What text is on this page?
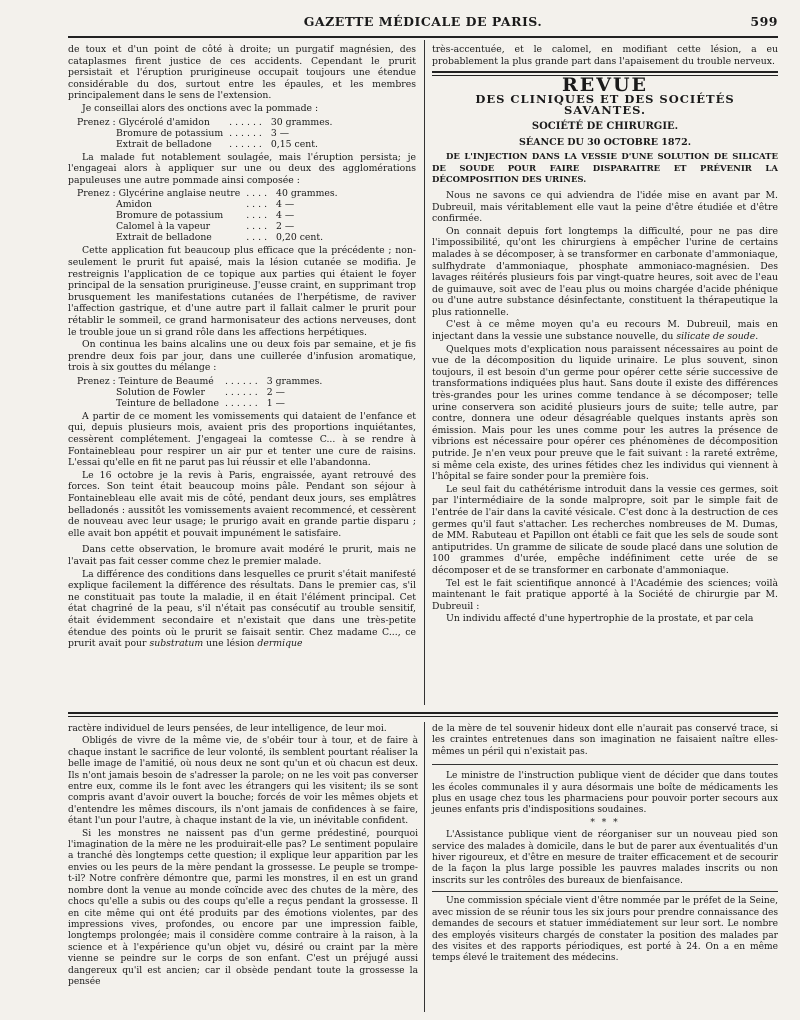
GAZETTE MÉDICALE DE PARIS.	599

de toux et d'un point de côté à droite; un purgatif magnésien, des cataplasmes firent justice de ces accidents. Cependant le prurit persistait et l'éruption prurigineuse occupait toujours une étendue considérable du dos, surtout entre les épaules, et les membres principalement dans le sens de l'extension.

Je conseillai alors des onctions avec la pommade :

Prenez : Glycérolé d'amidon	......	30 grammes.
Bromure de potassium	......	3 —
Extrait de belladone	......	0,15 cent.

La malade fut notablement soulagée, mais l'éruption persista; je l'engageai alors à appliquer sur une ou deux des agglomérations papuleuses une autre pommade ainsi composée :

Prenez : Glycérine anglaise neutre	....	40 grammes.
Amidon	....	4 —
Bromure de potassium	....	4 —
Calomel à la vapeur	....	2 —
Extrait de belladone	....	0,20 cent.

Cette application fut beaucoup plus efficace que la précédente ; non-seulement le prurit fut apaisé, mais la lésion cutanée se modifia. Je restreignis l'application de ce topique aux parties qui étaient le foyer principal de la sensation prurigineuse. J'eusse craint, en supprimant trop brusquement les manifestations cutanées de l'herpétisme, de raviver l'affection gastrique, et d'une autre part il fallait calmer le prurit pour rétablir le sommeil, ce grand harmonisateur des actions nerveuses, dont le trouble joue un si grand rôle dans les affections herpétiques.

On continua les bains alcalins une ou deux fois par semaine, et je fis prendre deux fois par jour, dans une cuillerée d'infusion aromatique, trois à six gouttes du mélange :

Prenez : Teinture de Beaumé	......	3 grammes.
Solution de Fowler	......	2 —
Teinture de belladone	......	1 —

A partir de ce moment les vomissements qui dataient de l'enfance et qui, depuis plusieurs mois, avaient pris des proportions inquiétantes, cessèrent complétement. J'engageai la comtesse C... à se rendre à Fontainebleau pour respirer un air pur et tenter une cure de raisins. L'essai qu'elle en fit ne parut pas lui réussir et elle l'abandonna.

Le 16 octobre je la revis à Paris, engraissée, ayant retrouvé des forces. Son teint était beaucoup moins pâle. Pendant son séjour à Fontainebleau elle avait mis de côté, pendant deux jours, ses emplâtres belladonés : aussitôt les vomissements avaient recommencé, et cessèrent de nouveau avec leur usage; le prurigo avait en grande partie disparu ; elle avait bon appétit et pouvait impunément le satisfaire.

Dans cette observation, le bromure avait modéré le prurit, mais ne l'avait pas fait cesser comme chez le premier malade.

La différence des conditions dans lesquelles ce prurit s'était manifesté explique facilement la différence des résultats. Dans le premier cas, s'il ne constituait pas toute la maladie, il en était l'élément principal. Cet état chagriné de la peau, s'il n'était pas consécutif au trouble sensitif, était évidemment secondaire et n'existait que dans une très-petite étendue des points où le prurit se faisait sentir. Chez madame C..., ce prurit avait pour substratum une lésion dermique

très-accentuée, et le calomel, en modifiant cette lésion, a eu probablement la plus grande part dans l'apaisement du trouble nerveux.

REVUE
DES CLINIQUES ET DES SOCIÉTÉS SAVANTES.
SOCIÉTÉ DE CHIRURGIE.
SÉANCE DU 30 OCTOBRE 1872.
DE L'INJECTION DANS LA VESSIE D'UNE SOLUTION DE SILICATE DE SOUDE POUR FAIRE DISPARAITRE ET PRÉVENIR LA DÉCOMPOSITION DES URINES.

Nous ne savons ce qui adviendra de l'idée mise en avant par M. Dubreuil, mais véritablement elle vaut la peine d'être étudiée et d'être confirmée.

On connait depuis fort longtemps la difficulté, pour ne pas dire l'impossibilité, qu'ont les chirurgiens à empêcher l'urine de certains malades à se décomposer, à se transformer en carbonate d'ammoniaque, sulfhydrate d'ammoniaque, phosphate ammoniaco-magnésien. Des lavages réitérés plusieurs fois par vingt-quatre heures, soit avec de l'eau de guimauve, soit avec de l'eau plus ou moins chargée d'acide phénique ou d'une autre substance désinfectante, constituent la thérapeutique la plus rationnelle.

C'est à ce même moyen qu'a eu recours M. Dubreuil, mais en injectant dans la vessie une substance nouvelle, du silicate de soude.

Quelques mots d'explication nous paraissent nécessaires au point de vue de la décomposition du liquide urinaire. Le plus souvent, sinon toujours, il est besoin d'un germe pour opérer cette série successive de transformations indiquées plus haut. Sans doute il existe des différences très-grandes pour les urines comme tendance à se décomposer; telle urine conservera son acidité plusieurs jours de suite; telle autre, par contre, donnera une odeur désagréable quelques instants après son émission. Mais pour les unes comme pour les autres la présence de vibrions est nécessaire pour opérer ces phénomènes de décomposition putride. Je n'en veux pour preuve que le fait suivant : la rareté extrême, si même cela existe, des urines fétides chez les individus qui viennent à l'hôpital se faire sonder pour la première fois.

Le seul fait du cathétérisme introduit dans la vessie ces germes, soit par l'intermédiaire de la sonde malpropre, soit par le simple fait de l'entrée de l'air dans la cavité vésicale. C'est donc à la destruction de ces germes qu'il faut s'attacher. Les recherches nombreuses de M. Dumas, de MM. Rabuteau et Papillon ont établi ce fait que les sels de soude sont antiputrides. Un gramme de silicate de soude placé dans une solution de 100 grammes d'urée, empêche indéfiniment cette urée de se décomposer et de se transformer en carbonate d'ammoniaque.

Tel est le fait scientifique annoncé à l'Académie des sciences; voilà maintenant le fait pratique apporté à la Société de chirurgie par M. Dubreuil :

Un individu affecté d'une hypertrophie de la prostate, et par cela

ractère individuel de leurs pensées, de leur intelligence, de leur moi.

Obligés de vivre de la même vie, de s'obéir tour à tour, et de faire à chaque instant le sacrifice de leur volonté, ils semblent pourtant réaliser la belle image de l'amitié, où nous deux ne sont qu'un et où chacun est deux. Ils n'ont jamais besoin de s'adresser la parole; on ne les voit pas converser entre eux, comme ils le font avec les étrangers qui les visitent; ils se sont compris avant d'avoir ouvert la bouche; forcés de voir les mêmes objets et d'entendre les mêmes discours, ils n'ont jamais de confidences à se faire, étant l'un pour l'autre, à chaque instant de la vie, un inévitable confident.

Si les monstres ne naissent pas d'un germe prédestiné, pourquoi l'imagination de la mère ne les produirait-elle pas? Le sentiment populaire a tranché dès longtemps cette question; il explique leur apparition par les envies ou les peurs de la mère pendant la grossesse. Le peuple se trompe-t-il? Notre confrère démontre que, parmi les monstres, il en est un grand nombre dont la venue au monde coïncide avec des chutes de la mère, des chocs qu'elle a subis ou des coups qu'elle a reçus pendant la grossesse. Il en cite même qui ont été produits par des émotions violentes, par des impressions vives, profondes, ou encore par une impression faible, longtemps prolongée; mais il considère comme contraire à la raison, à la science et à l'expérience qu'un objet vu, désiré ou craint par la mère vienne se peindre sur le corps de son enfant. C'est un préjugé aussi dangereux qu'il est ancien; car il obsède pendant toute la grossesse la pensée

de la mère de tel souvenir hideux dont elle n'aurait pas conservé trace, si les craintes entretenues dans son imagination ne faisaient naître elles-mêmes un péril qui n'existait pas.

Le ministre de l'instruction publique vient de décider que dans toutes les écoles communales il y aura désormais une boîte de médicaments les plus en usage chez tous les pharmaciens pour pouvoir porter secours aux jeunes enfants pris d'indispositions soudaines.

* * *

L'Assistance publique vient de réorganiser sur un nouveau pied son service des malades à domicile, dans le but de parer aux éventualités d'un hiver rigoureux, et d'être en mesure de traiter efficacement et de secourir de la façon la plus large possible les pauvres malades inscrits ou non inscrits sur les contrôles des bureaux de bienfaisance.

Une commission spéciale vient d'être nommée par le préfet de la Seine, avec mission de se réunir tous les six jours pour prendre connaissance des demandes de secours et statuer immédiatement sur leur sort. Le nombre des employés visiteurs chargés de constater la position des malades par des visites et des rapports périodiques, est porté à 24. On a en même temps élevé le traitement des médecins.
